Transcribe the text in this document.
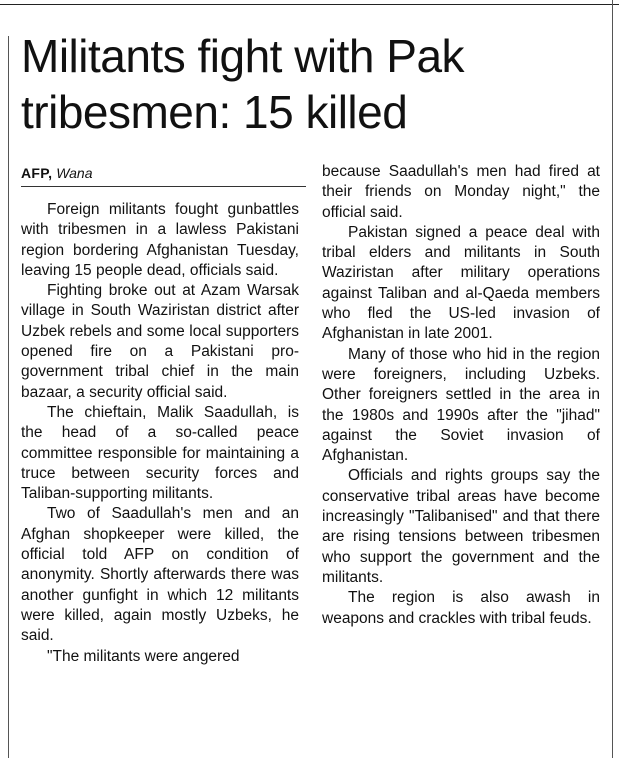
Militants fight with Pak tribesmen: 15 killed
AFP, Wana

Foreign militants fought gunbattles with tribesmen in a lawless Pakistani region bordering Afghanistan Tuesday, leaving 15 people dead, officials said.

Fighting broke out at Azam Warsak village in South Waziristan district after Uzbek rebels and some local supporters opened fire on a Pakistani pro-government tribal chief in the main bazaar, a security official said.

The chieftain, Malik Saadullah, is the head of a so-called peace committee responsible for maintaining a truce between security forces and Taliban-supporting militants.

Two of Saadullah's men and an Afghan shopkeeper were killed, the official told AFP on condition of anonymity. Shortly afterwards there was another gunfight in which 12 militants were killed, again mostly Uzbeks, he said.

"The militants were angered

because Saadullah's men had fired at their friends on Monday night," the official said.

Pakistan signed a peace deal with tribal elders and militants in South Waziristan after military operations against Taliban and al-Qaeda members who fled the US-led invasion of Afghanistan in late 2001.

Many of those who hid in the region were foreigners, including Uzbeks. Other foreigners settled in the area in the 1980s and 1990s after the "jihad" against the Soviet invasion of Afghanistan.

Officials and rights groups say the conservative tribal areas have become increasingly "Talibanised" and that there are rising tensions between tribesmen who support the government and the militants.

The region is also awash in weapons and crackles with tribal feuds.
